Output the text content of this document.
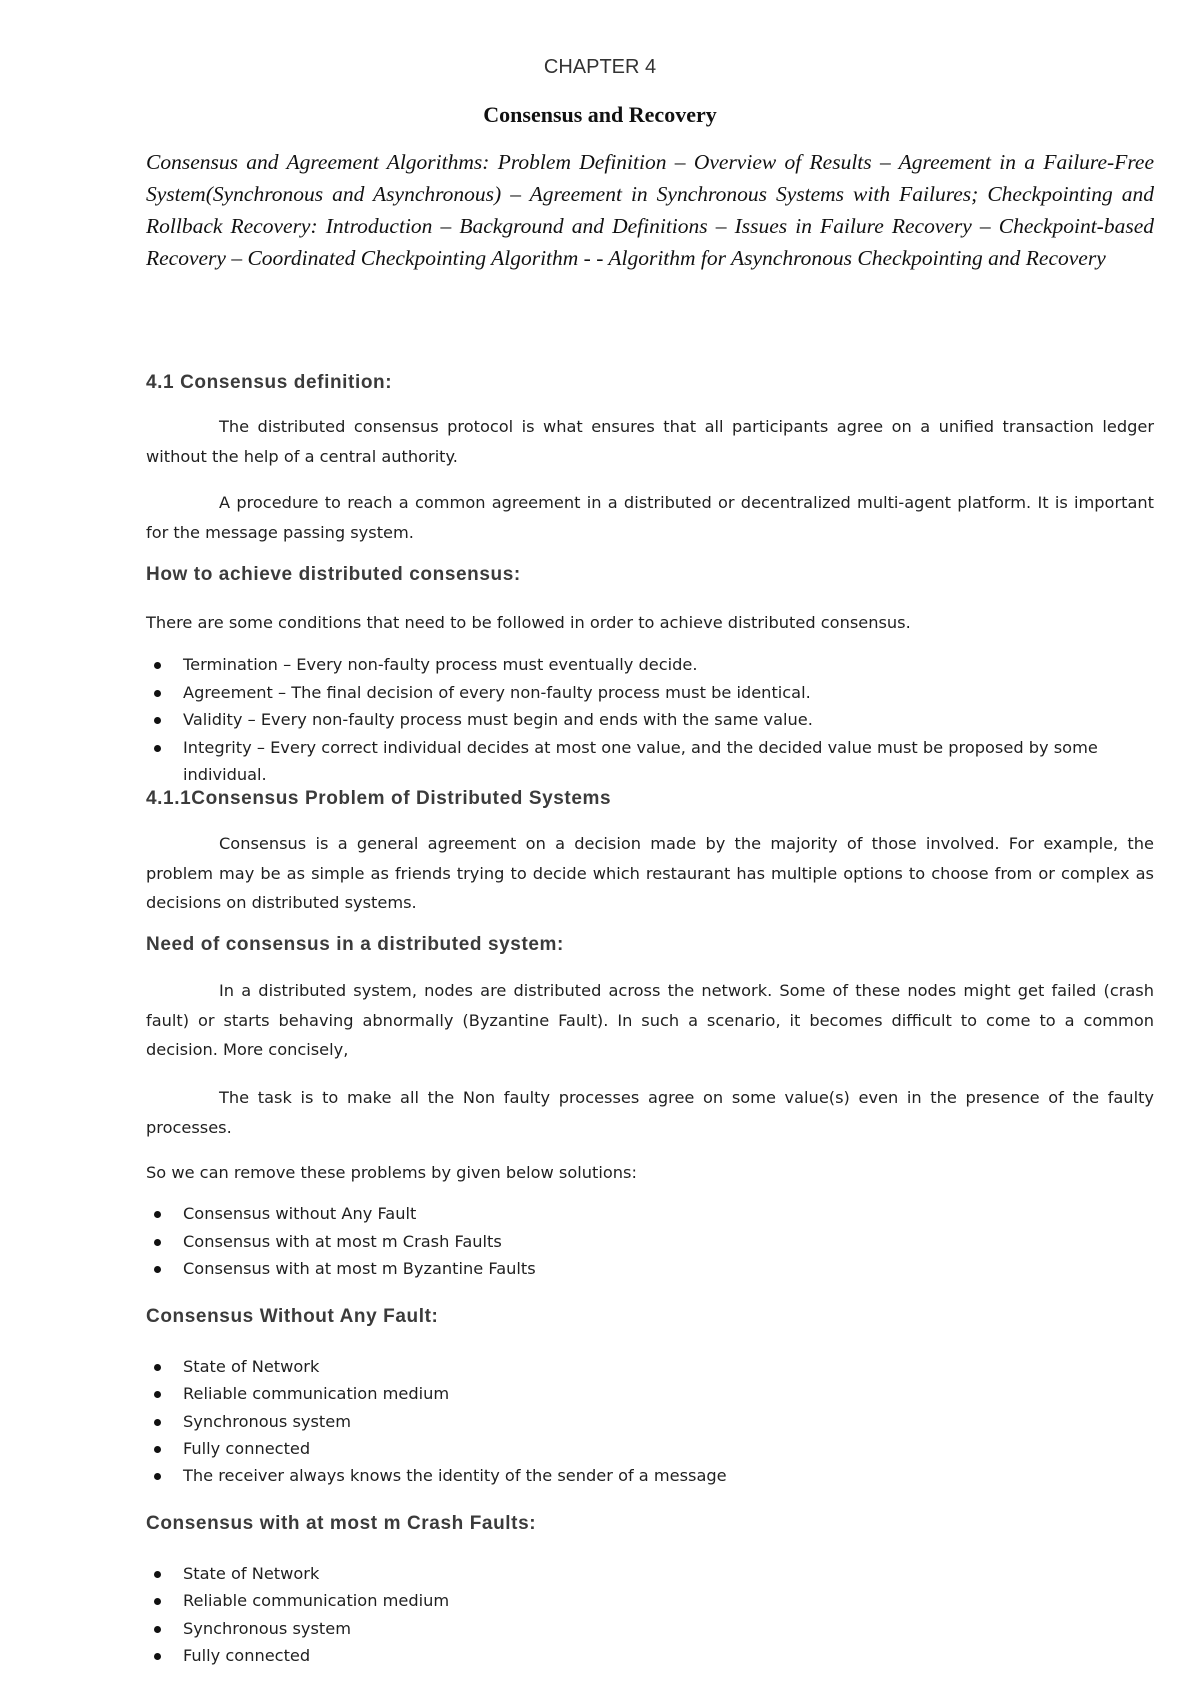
CHAPTER 4
Consensus and Recovery
Consensus and Agreement Algorithms: Problem Definition – Overview of Results – Agreement in a Failure-Free System(Synchronous and Asynchronous) – Agreement in Synchronous Systems with Failures; Checkpointing and Rollback Recovery: Introduction – Background and Definitions – Issues in Failure Recovery – Checkpoint-based Recovery – Coordinated Checkpointing Algorithm - - Algorithm for Asynchronous Checkpointing and Recovery
4.1 Consensus definition:
The distributed consensus protocol is what ensures that all participants agree on a unified transaction ledger without the help of a central authority.
A procedure to reach a common agreement in a distributed or decentralized multi-agent platform. It is important for the message passing system.
How to achieve distributed consensus:
There are some conditions that need to be followed in order to achieve distributed consensus.
Termination – Every non-faulty process must eventually decide.
Agreement – The final decision of every non-faulty process must be identical.
Validity – Every non-faulty process must begin and ends with the same value.
Integrity – Every correct individual decides at most one value, and the decided value must be proposed by some individual.
4.1.1Consensus Problem of Distributed Systems
Consensus is a general agreement on a decision made by the majority of those involved. For example, the problem may be as simple as friends trying to decide which restaurant has multiple options to choose from or complex as decisions on distributed systems.
Need of consensus in a distributed system:
In a distributed system, nodes are distributed across the network. Some of these nodes might get failed (crash fault) or starts behaving abnormally (Byzantine Fault). In such a scenario, it becomes difficult to come to a common decision. More concisely,
The task is to make all the Non faulty processes agree on some value(s) even in the presence of the faulty processes.
So we can remove these problems by given below solutions:
Consensus without Any Fault
Consensus with at most m Crash Faults
Consensus with at most m Byzantine Faults
Consensus Without Any Fault:
State of Network
Reliable communication medium
Synchronous system
Fully connected
The receiver always knows the identity of the sender of a message
Consensus with at most m Crash Faults:
State of Network
Reliable communication medium
Synchronous system
Fully connected
